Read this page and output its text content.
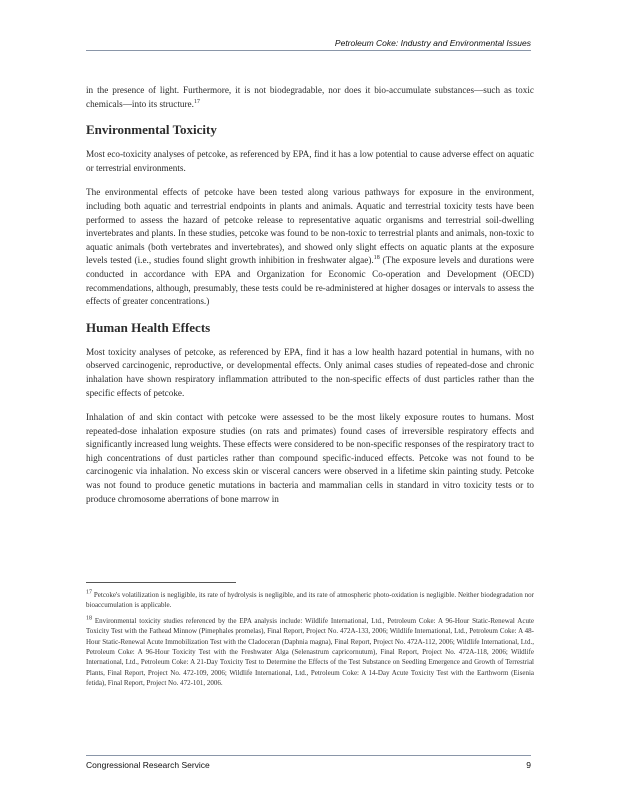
Petroleum Coke: Industry and Environmental Issues

in the presence of light. Furthermore, it is not biodegradable, nor does it bio-accumulate substances—such as toxic chemicals—into its structure.$^{17}$

Environmental Toxicity

Most eco-toxicity analyses of petcoke, as referenced by EPA, find it has a low potential to cause adverse effect on aquatic or terrestrial environments.

The environmental effects of petcoke have been tested along various pathways for exposure in the environment, including both aquatic and terrestrial endpoints in plants and animals. Aquatic and terrestrial toxicity tests have been performed to assess the hazard of petcoke release to representative aquatic organisms and terrestrial soil-dwelling invertebrates and plants. In these studies, petcoke was found to be non-toxic to terrestrial plants and animals, non-toxic to aquatic animals (both vertebrates and invertebrates), and showed only slight effects on aquatic plants at the exposure levels tested (i.e., studies found slight growth inhibition in freshwater algae).$^{18}$ (The exposure levels and durations were conducted in accordance with EPA and Organization for Economic Co-operation and Development (OECD) recommendations, although, presumably, these tests could be re-administered at higher dosages or intervals to assess the effects of greater concentrations.)

Human Health Effects

Most toxicity analyses of petcoke, as referenced by EPA, find it has a low health hazard potential in humans, with no observed carcinogenic, reproductive, or developmental effects. Only animal cases studies of repeated-dose and chronic inhalation have shown respiratory inflammation attributed to the non-specific effects of dust particles rather than the specific effects of petcoke.

Inhalation of and skin contact with petcoke were assessed to be the most likely exposure routes to humans. Most repeated-dose inhalation exposure studies (on rats and primates) found cases of irreversible respiratory effects and significantly increased lung weights. These effects were considered to be non-specific responses of the respiratory tract to high concentrations of dust particles rather than compound specific-induced effects. Petcoke was not found to be carcinogenic via inhalation. No excess skin or visceral cancers were observed in a lifetime skin painting study. Petcoke was not found to produce genetic mutations in bacteria and mammalian cells in standard in vitro toxicity tests or to produce chromosome aberrations of bone marrow in

$^{17}$ Petcoke's volatilization is negligible, its rate of hydrolysis is negligible, and its rate of atmospheric photo-oxidation is negligible. Neither biodegradation nor bioaccumulation is applicable.

$^{18}$ Environmental toxicity studies referenced by the EPA analysis include: Wildlife International, Ltd., Petroleum Coke: A 96-Hour Static-Renewal Acute Toxicity Test with the Fathead Minnow (Pimephales promelas), Final Report, Project No. 472A-133, 2006; Wildlife International, Ltd., Petroleum Coke: A 48-Hour Static-Renewal Acute Immobilization Test with the Cladoceran (Daphnia magna), Final Report, Project No. 472A-112, 2006; Wildlife International, Ltd., Petroleum Coke: A 96-Hour Toxicity Test with the Freshwater Alga (Selenastrum capricornutum), Final Report, Project No. 472A-118, 2006; Wildlife International, Ltd., Petroleum Coke: A 21-Day Toxicity Test to Determine the Effects of the Test Substance on Seedling Emergence and Growth of Terrestrial Plants, Final Report, Project No. 472-109, 2006; Wildlife International, Ltd., Petroleum Coke: A 14-Day Acute Toxicity Test with the Earthworm (Eisenia fetida), Final Report, Project No. 472-101, 2006.

Congressional Research Service	9
